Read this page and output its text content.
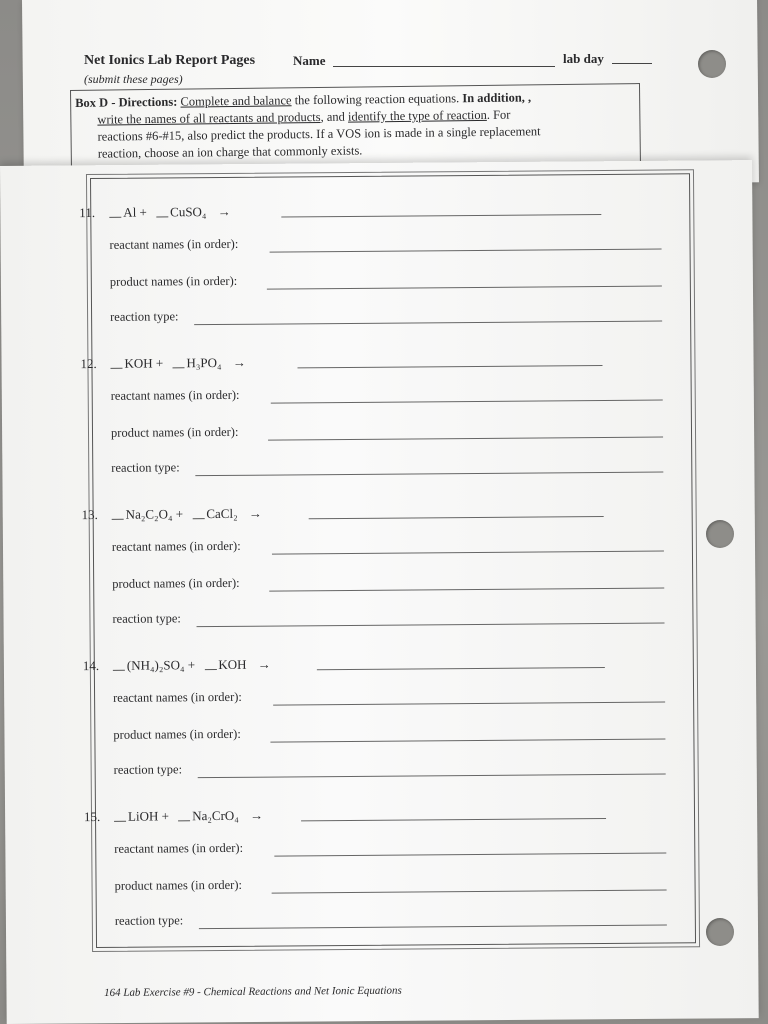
Net Ionics Lab Report Pages
(submit these pages)
Name	lab day
Box D - Directions: Complete and balance the following reaction equations. In addition, ,
write the names of all reactants and products, and identify the type of reaction. For
reactions #6-#15, also predict the products. If a VOS ion is made in a single replacement
reaction, choose an ion charge that commonly exists.
11.	Al + CuSO₄ →
reactant names (in order):
product names (in order):
reaction type:
12.	KOH + H₃PO₄ →
reactant names (in order):
product names (in order):
reaction type:
13.	Na₂C₂O₄ + CaCl₂ →
reactant names (in order):
product names (in order):
reaction type:
14.	(NH₄)₂SO₄ + KOH →
reactant names (in order):
product names (in order):
reaction type:
15.	LiOH + Na₂CrO₄ →
reactant names (in order):
product names (in order):
reaction type:
164 Lab Exercise #9 - Chemical Reactions and Net Ionic Equations
